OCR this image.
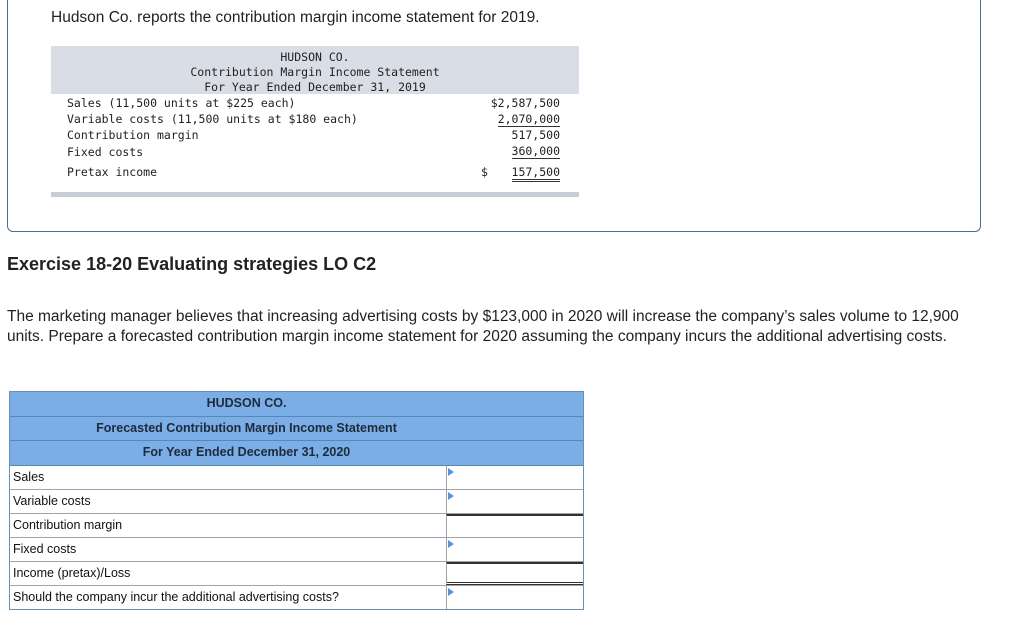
Hudson Co. reports the contribution margin income statement for 2019.
HUDSON CO.
Contribution Margin Income Statement
For Year Ended December 31, 2019
Sales (11,500 units at $225 each)	$2,587,500
Variable costs (11,500 units at $180 each)	2,070,000
Contribution margin	517,500
Fixed costs	360,000
Pretax income	$ 157,500
Exercise 18-20 Evaluating strategies LO C2
The marketing manager believes that increasing advertising costs by $123,000 in 2020 will increase the company’s sales volume to 12,900 units. Prepare a forecasted contribution margin income statement for 2020 assuming the company incurs the additional advertising costs.
HUDSON CO.
Forecasted Contribution Margin Income Statement
For Year Ended December 31, 2020
Sales
Variable costs
Contribution margin
Fixed costs
Income (pretax)/Loss
Should the company incur the additional advertising costs?
